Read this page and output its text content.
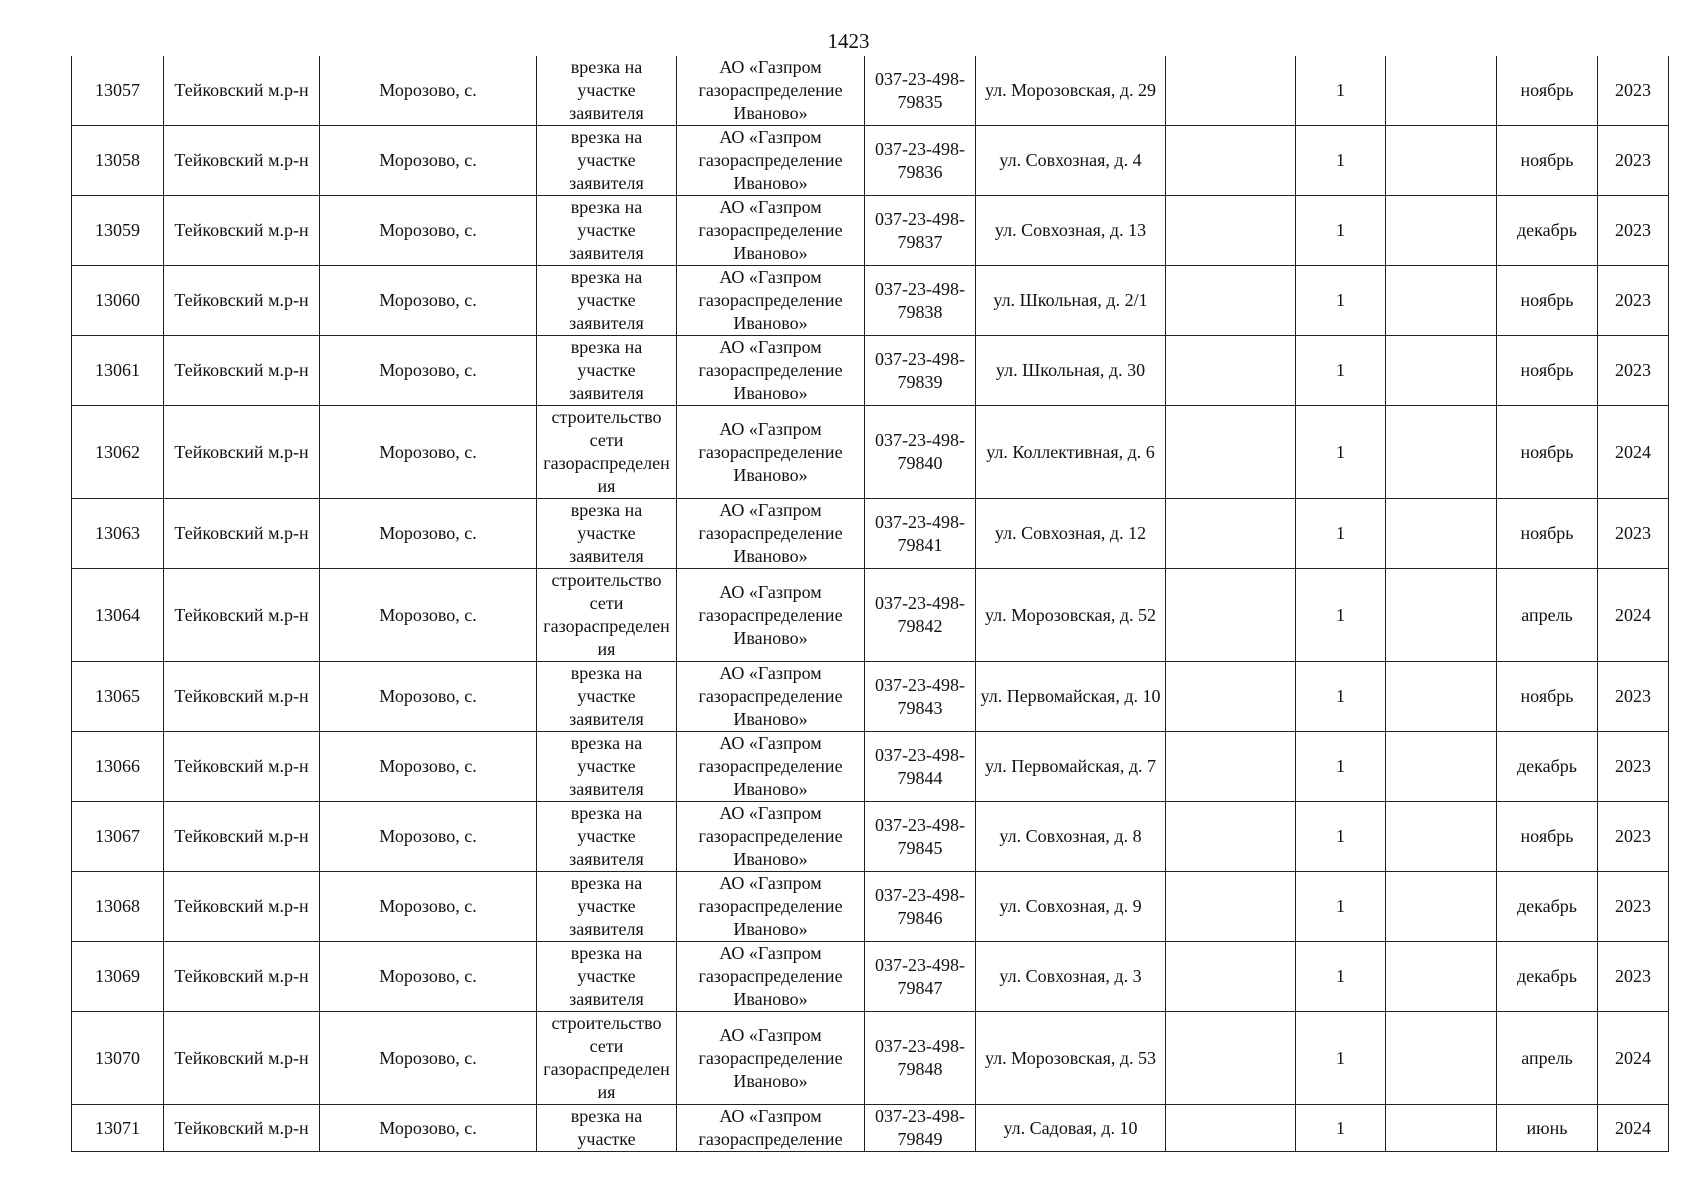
1423
13057	Тейковский м.р-н	Морозово, с.	врезка на участке заявителя	АО «Газпром газораспределение Иваново»	037-23-498-79835	ул. Морозовская, д. 29		1		ноябрь	2023
13058	Тейковский м.р-н	Морозово, с.	врезка на участке заявителя	АО «Газпром газораспределение Иваново»	037-23-498-79836	ул. Совхозная, д. 4		1		ноябрь	2023
13059	Тейковский м.р-н	Морозово, с.	врезка на участке заявителя	АО «Газпром газораспределение Иваново»	037-23-498-79837	ул. Совхозная, д. 13		1		декабрь	2023
13060	Тейковский м.р-н	Морозово, с.	врезка на участке заявителя	АО «Газпром газораспределение Иваново»	037-23-498-79838	ул. Школьная, д. 2/1		1		ноябрь	2023
13061	Тейковский м.р-н	Морозово, с.	врезка на участке заявителя	АО «Газпром газораспределение Иваново»	037-23-498-79839	ул. Школьная, д. 30		1		ноябрь	2023
13062	Тейковский м.р-н	Морозово, с.	строительство сети газораспределения	АО «Газпром газораспределение Иваново»	037-23-498-79840	ул. Коллективная, д. 6		1		ноябрь	2024
13063	Тейковский м.р-н	Морозово, с.	врезка на участке заявителя	АО «Газпром газораспределение Иваново»	037-23-498-79841	ул. Совхозная, д. 12		1		ноябрь	2023
13064	Тейковский м.р-н	Морозово, с.	строительство сети газораспределения	АО «Газпром газораспределение Иваново»	037-23-498-79842	ул. Морозовская, д. 52		1		апрель	2024
13065	Тейковский м.р-н	Морозово, с.	врезка на участке заявителя	АО «Газпром газораспределение Иваново»	037-23-498-79843	ул. Первомайская, д. 10		1		ноябрь	2023
13066	Тейковский м.р-н	Морозово, с.	врезка на участке заявителя	АО «Газпром газораспределение Иваново»	037-23-498-79844	ул. Первомайская, д. 7		1		декабрь	2023
13067	Тейковский м.р-н	Морозово, с.	врезка на участке заявителя	АО «Газпром газораспределение Иваново»	037-23-498-79845	ул. Совхозная, д. 8		1		ноябрь	2023
13068	Тейковский м.р-н	Морозово, с.	врезка на участке заявителя	АО «Газпром газораспределение Иваново»	037-23-498-79846	ул. Совхозная, д. 9		1		декабрь	2023
13069	Тейковский м.р-н	Морозово, с.	врезка на участке заявителя	АО «Газпром газораспределение Иваново»	037-23-498-79847	ул. Совхозная, д. 3		1		декабрь	2023
13070	Тейковский м.р-н	Морозово, с.	строительство сети газораспределения	АО «Газпром газораспределение Иваново»	037-23-498-79848	ул. Морозовская, д. 53		1		апрель	2024
13071	Тейковский м.р-н	Морозово, с.	врезка на участке	АО «Газпром газораспределение	037-23-498-79849	ул. Садовая, д. 10		1		июнь	2024
